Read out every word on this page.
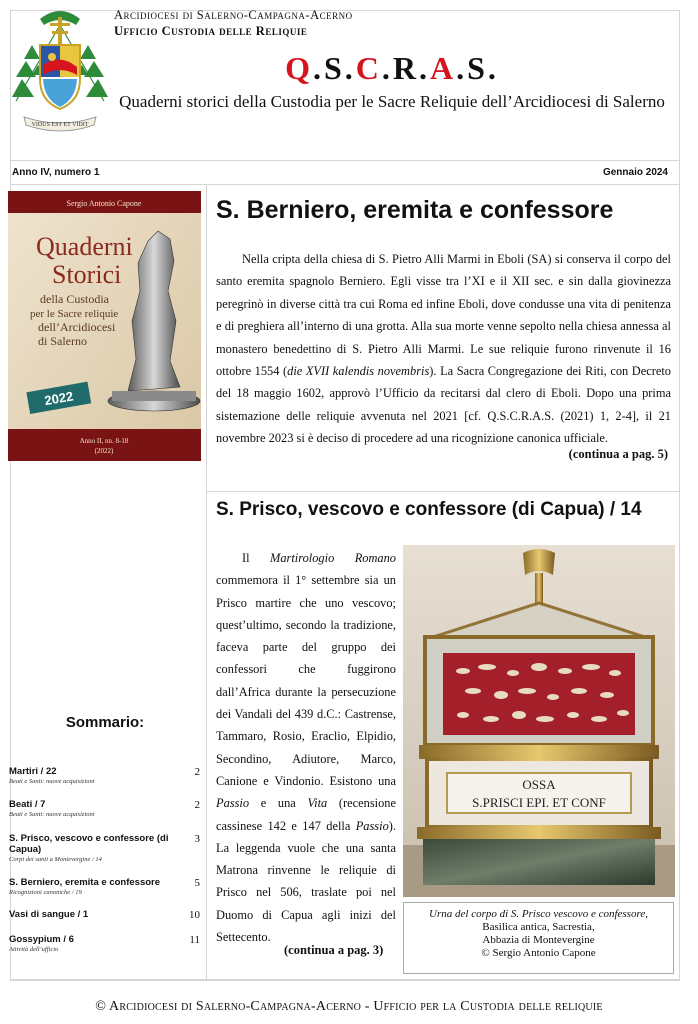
VIDUS EST ET VIDIT
Arcidiocesi di Salerno-Campagna-Acerno
Ufficio Custodia delle Reliquie
Q.S.C.R.A.S.
Quaderni storici della Custodia per le Sacre Reliquie dell’Arcidiocesi di Salerno
Anno IV, numero 1	Gennaio 2024
Sergio Antonio Capone
Quaderni
Storici
della Custodia
per le Sacre reliquie
dell’Arcidiocesi
di Salerno
2022
Anno II, nn. 8-18
(2022)
S. Berniero, eremita e confessore

Nella cripta della chiesa di S. Pietro Alli Marmi in Eboli (SA) si conserva il corpo del santo eremita spagnolo Berniero. Egli visse tra l’XI e il XII sec. e sin dalla giovinezza peregrinò in diverse città tra cui Roma ed infine Eboli, dove condusse una vita di penitenza e di preghiera all’interno di una grotta. Alla sua morte venne sepolto nella chiesa annessa al monastero benedettino di S. Pietro Alli Marmi. Le sue reliquie furono rinvenute il 16 ottobre 1554 (die XVII kalendis novembris). La Sacra Congregazione dei Riti, con Decreto del 18 maggio 1602, approvò l’Ufficio da recitarsi dal clero di Eboli. Dopo una prima sistemazione delle reliquie avvenuta nel 2021 [cf. Q.S.C.R.A.S. (2021) 1, 2-4], il 21 novembre 2023 si è deciso di procedere ad una ricognizione canonica ufficiale.

(continua a pag. 5)
S. Prisco, vescovo e confessore (di Capua) / 14

Il Martirologio Romano commemora il 1° settembre sia un Prisco martire che uno vescovo; quest’ultimo, secondo la tradizione, faceva parte del gruppo dei confessori che fuggirono dall’Africa durante la persecuzione dei Vandali del 439 d.C.: Castrense, Tammaro, Rosio, Eraclio, Elpidio, Secondino, Adiutore, Marco, Canione e Vindonio. Esistono una Passio e una Vita (recensione cassinese 142 e 147 della Passio). La leggenda vuole che una santa Matrona rinvenne le reliquie di Prisco nel 506, traslate poi nel Duomo di Capua agli inizi del Settecento.

(continua a pag. 3)
OSSA
S.PRISCI EPI. ET CONF
Urna del corpo di S. Prisco vescovo e confessore,
Basilica antica, Sacrestia,
Abbazia di Montevergine
© Sergio Antonio Capone
Sommario:
Martiri / 22
Beati e Santi: nuove acquisizioni
2
Beati / 7
Beati e Santi: nuove acquisizioni
2
S. Prisco, vescovo e confessore (di Capua)
Corpi dei santi a Montevergine / 14
3
S. Berniero, eremita e confessore
Ricognizioni canoniche / 19
5
Vasi di sangue / 1	10
Gossypium / 6
Attività dell’ufficio
11
© Arcidiocesi di Salerno-Campagna-Acerno - Ufficio per la Custodia delle reliquie
